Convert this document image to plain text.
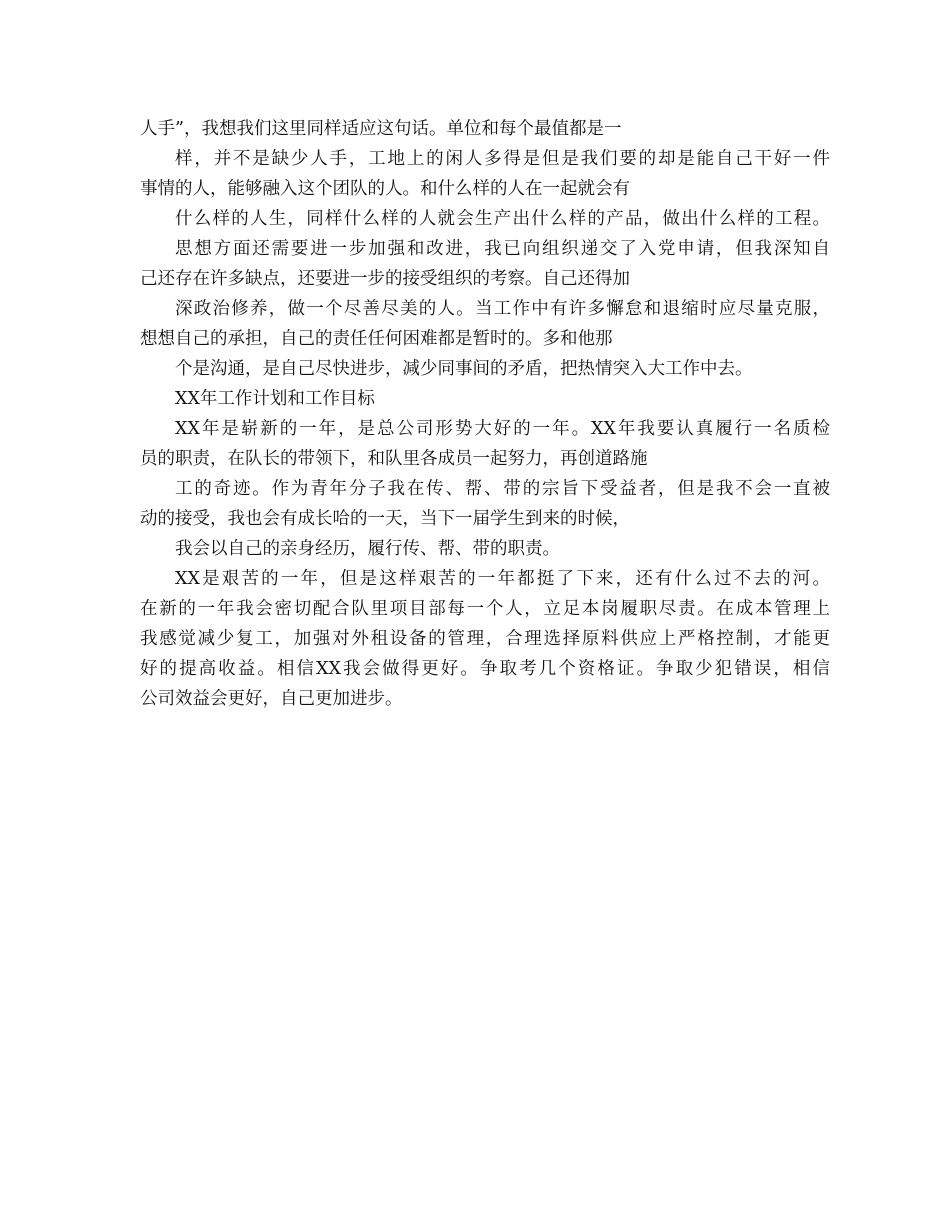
人手”，我想我们这里同样适应这句话。单位和每个最值都是一
样，并不是缺少人手，工地上的闲人多得是但是我们要的却是能自己干好一件
事情的人，能够融入这个团队的人。和什么样的人在一起就会有
什么样的人生，同样什么样的人就会生产出什么样的产品，做出什么样的工程。
思想方面还需要进一步加强和改进，我已向组织递交了入党申请，但我深知自
己还存在许多缺点，还要进一步的接受组织的考察。自己还得加
深政治修养，做一个尽善尽美的人。当工作中有许多懈怠和退缩时应尽量克服，
想想自己的承担，自己的责任任何困难都是暂时的。多和他那
个是沟通，是自己尽快进步，减少同事间的矛盾，把热情突入大工作中去。
XX年工作计划和工作目标
XX年是崭新的一年，是总公司形势大好的一年。XX年我要认真履行一名质检
员的职责，在队长的带领下，和队里各成员一起努力，再创道路施
工的奇迹。作为青年分子我在传、帮、带的宗旨下受益者，但是我不会一直被
动的接受，我也会有成长哈的一天，当下一届学生到来的时候，
我会以自己的亲身经历，履行传、帮、带的职责。
XX是艰苦的一年，但是这样艰苦的一年都挺了下来，还有什么过不去的河。
在新的一年我会密切配合队里项目部每一个人，立足本岗履职尽责。在成本管理上
我感觉减少复工，加强对外租设备的管理，合理选择原料供应上严格控制，才能更
好的提高收益。相信XX我会做得更好。争取考几个资格证。争取少犯错误，相信
公司效益会更好，自己更加进步。
